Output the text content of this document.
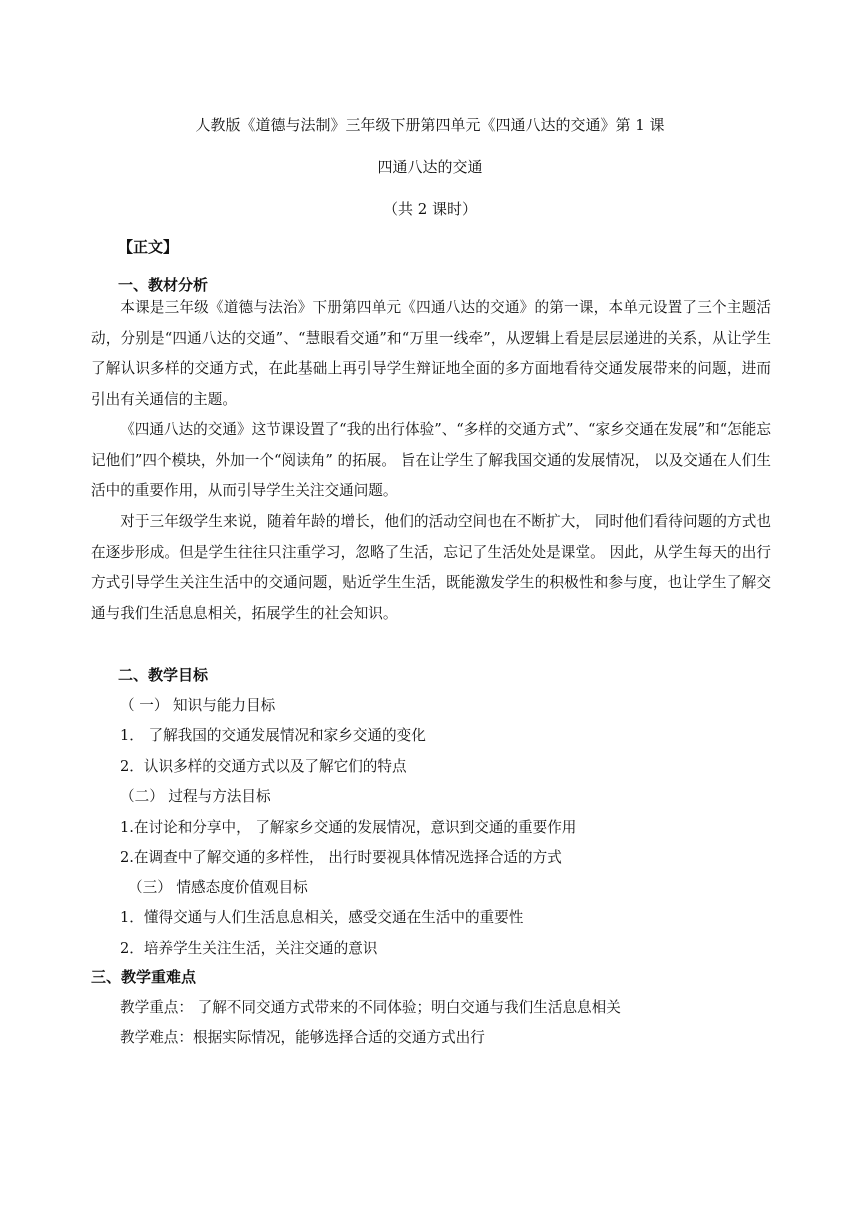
人教版《道德与法制》三年级下册第四单元《四通八达的交通》第 1 课
四通八达的交通
（共 2 课时）
【正文】
一、教材分析
本课是三年级《道德与法治》下册第四单元《四通八达的交通》的第一课，本单元设置了三个主题活动，分别是“四通八达的交通”、“慧眼看交通”和“万里一线牵”，从逻辑上看是层层递进的关系，从让学生了解认识多样的交通方式，在此基础上再引导学生辩证地全面的多方面地看待交通发展带来的问题，进而引出有关通信的主题。
《四通八达的交通》这节课设置了“我的出行体验”、“多样的交通方式”、“家乡交通在发展”和“怎能忘记他们”四个模块，外加一个“阅读角” 的拓展。 旨在让学生了解我国交通的发展情况， 以及交通在人们生活中的重要作用，从而引导学生关注交通问题。
对于三年级学生来说，随着年龄的增长，他们的活动空间也在不断扩大， 同时他们看待问题的方式也在逐步形成。但是学生往往只注重学习，忽略了生活，忘记了生活处处是课堂。 因此，从学生每天的出行方式引导学生关注生活中的交通问题，贴近学生生活，既能激发学生的积极性和参与度，也让学生了解交通与我们生活息息相关，拓展学生的社会知识。
二、教学目标
（ 一） 知识与能力目标
1． 了解我国的交通发展情况和家乡交通的变化
2．认识多样的交通方式以及了解它们的特点
（二） 过程与方法目标
1.在讨论和分享中， 了解家乡交通的发展情况，意识到交通的重要作用
2.在调查中了解交通的多样性， 出行时要视具体情况选择合适的方式
（三） 情感态度价值观目标
1．懂得交通与人们生活息息相关，感受交通在生活中的重要性
2．培养学生关注生活，关注交通的意识
三、教学重难点
教学重点： 了解不同交通方式带来的不同体验；明白交通与我们生活息息相关
教学难点：根据实际情况，能够选择合适的交通方式出行
